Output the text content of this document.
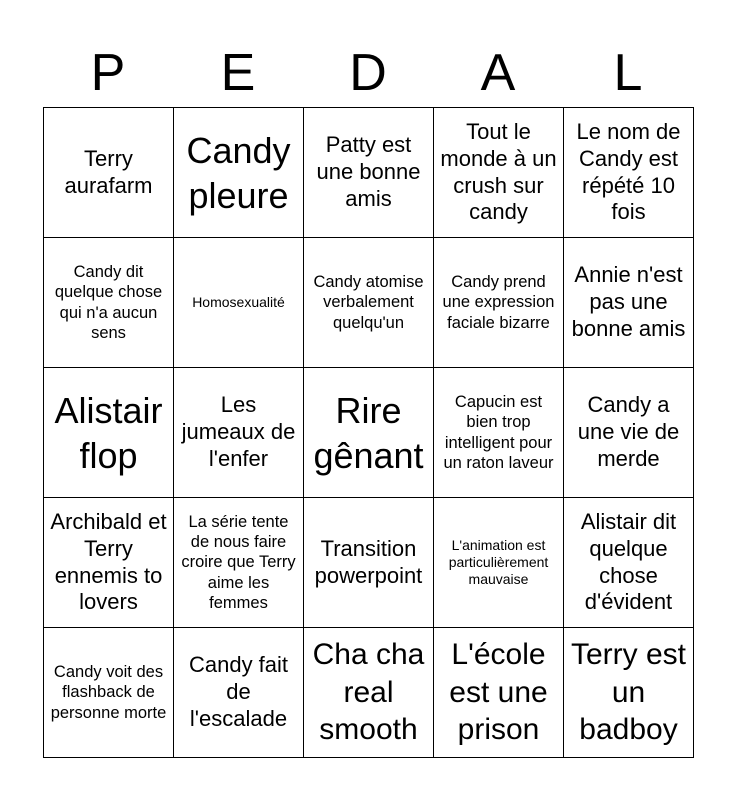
P	E	D	A	L
Terry aurafarm	Candy pleure	Patty est une bonne amis	Tout le monde à un crush sur candy	Le nom de Candy est répété 10 fois
Candy dit quelque chose qui n'a aucun sens	Homosexualité	Candy atomise verbalement quelqu'un	Candy prend une expression faciale bizarre	Annie n'est pas une bonne amis
Alistair flop	Les jumeaux de l'enfer	Rire gênant	Capucin est bien trop intelligent pour un raton laveur	Candy a une vie de merde
Archibald et Terry ennemis to lovers	La série tente de nous faire croire que Terry aime les femmes	Transition powerpoint	L'animation est particulièrement mauvaise	Alistair dit quelque chose d'évident
Candy voit des flashback de personne morte	Candy fait de l'escalade	Cha cha real smooth	L'école est une prison	Terry est un badboy
